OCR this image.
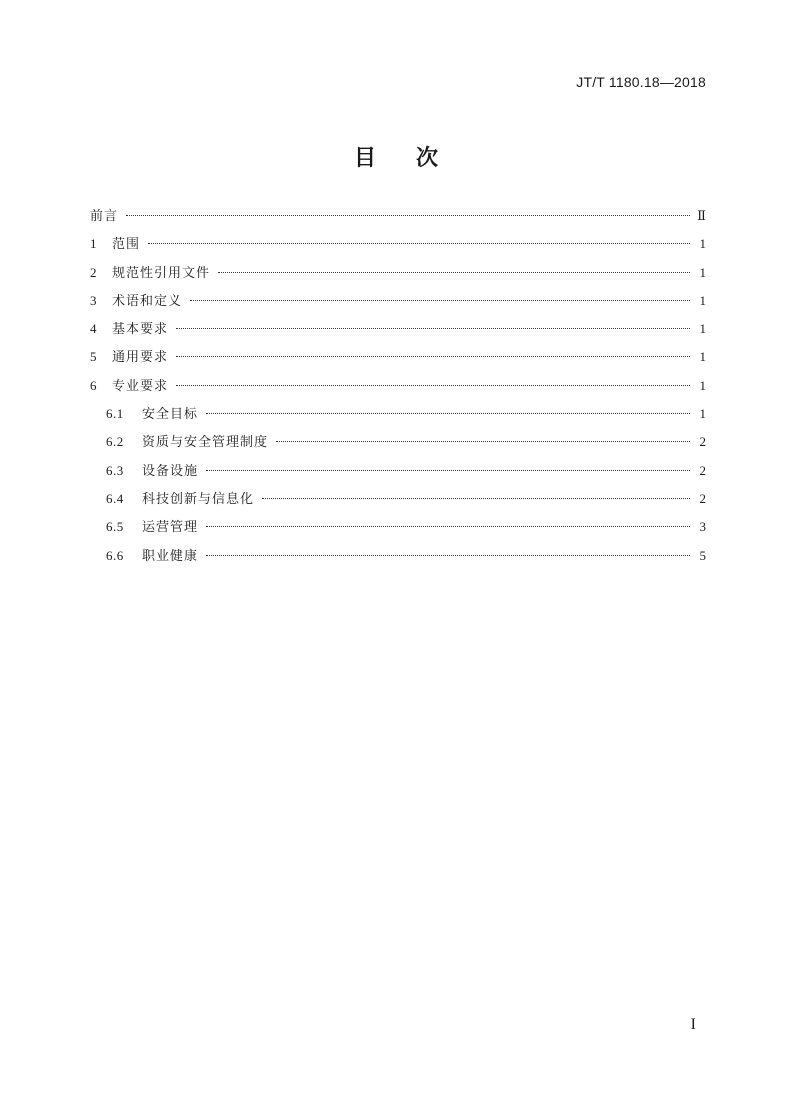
JT/T 1180.18—2018
目 次
前言	Ⅱ
1	范围	1
2	规范性引用文件	1
3	术语和定义	1
4	基本要求	1
5	通用要求	1
6	专业要求	1
6.1	安全目标	1
6.2	资质与安全管理制度	2
6.3	设备设施	2
6.4	科技创新与信息化	2
6.5	运营管理	3
6.6	职业健康	5
I
